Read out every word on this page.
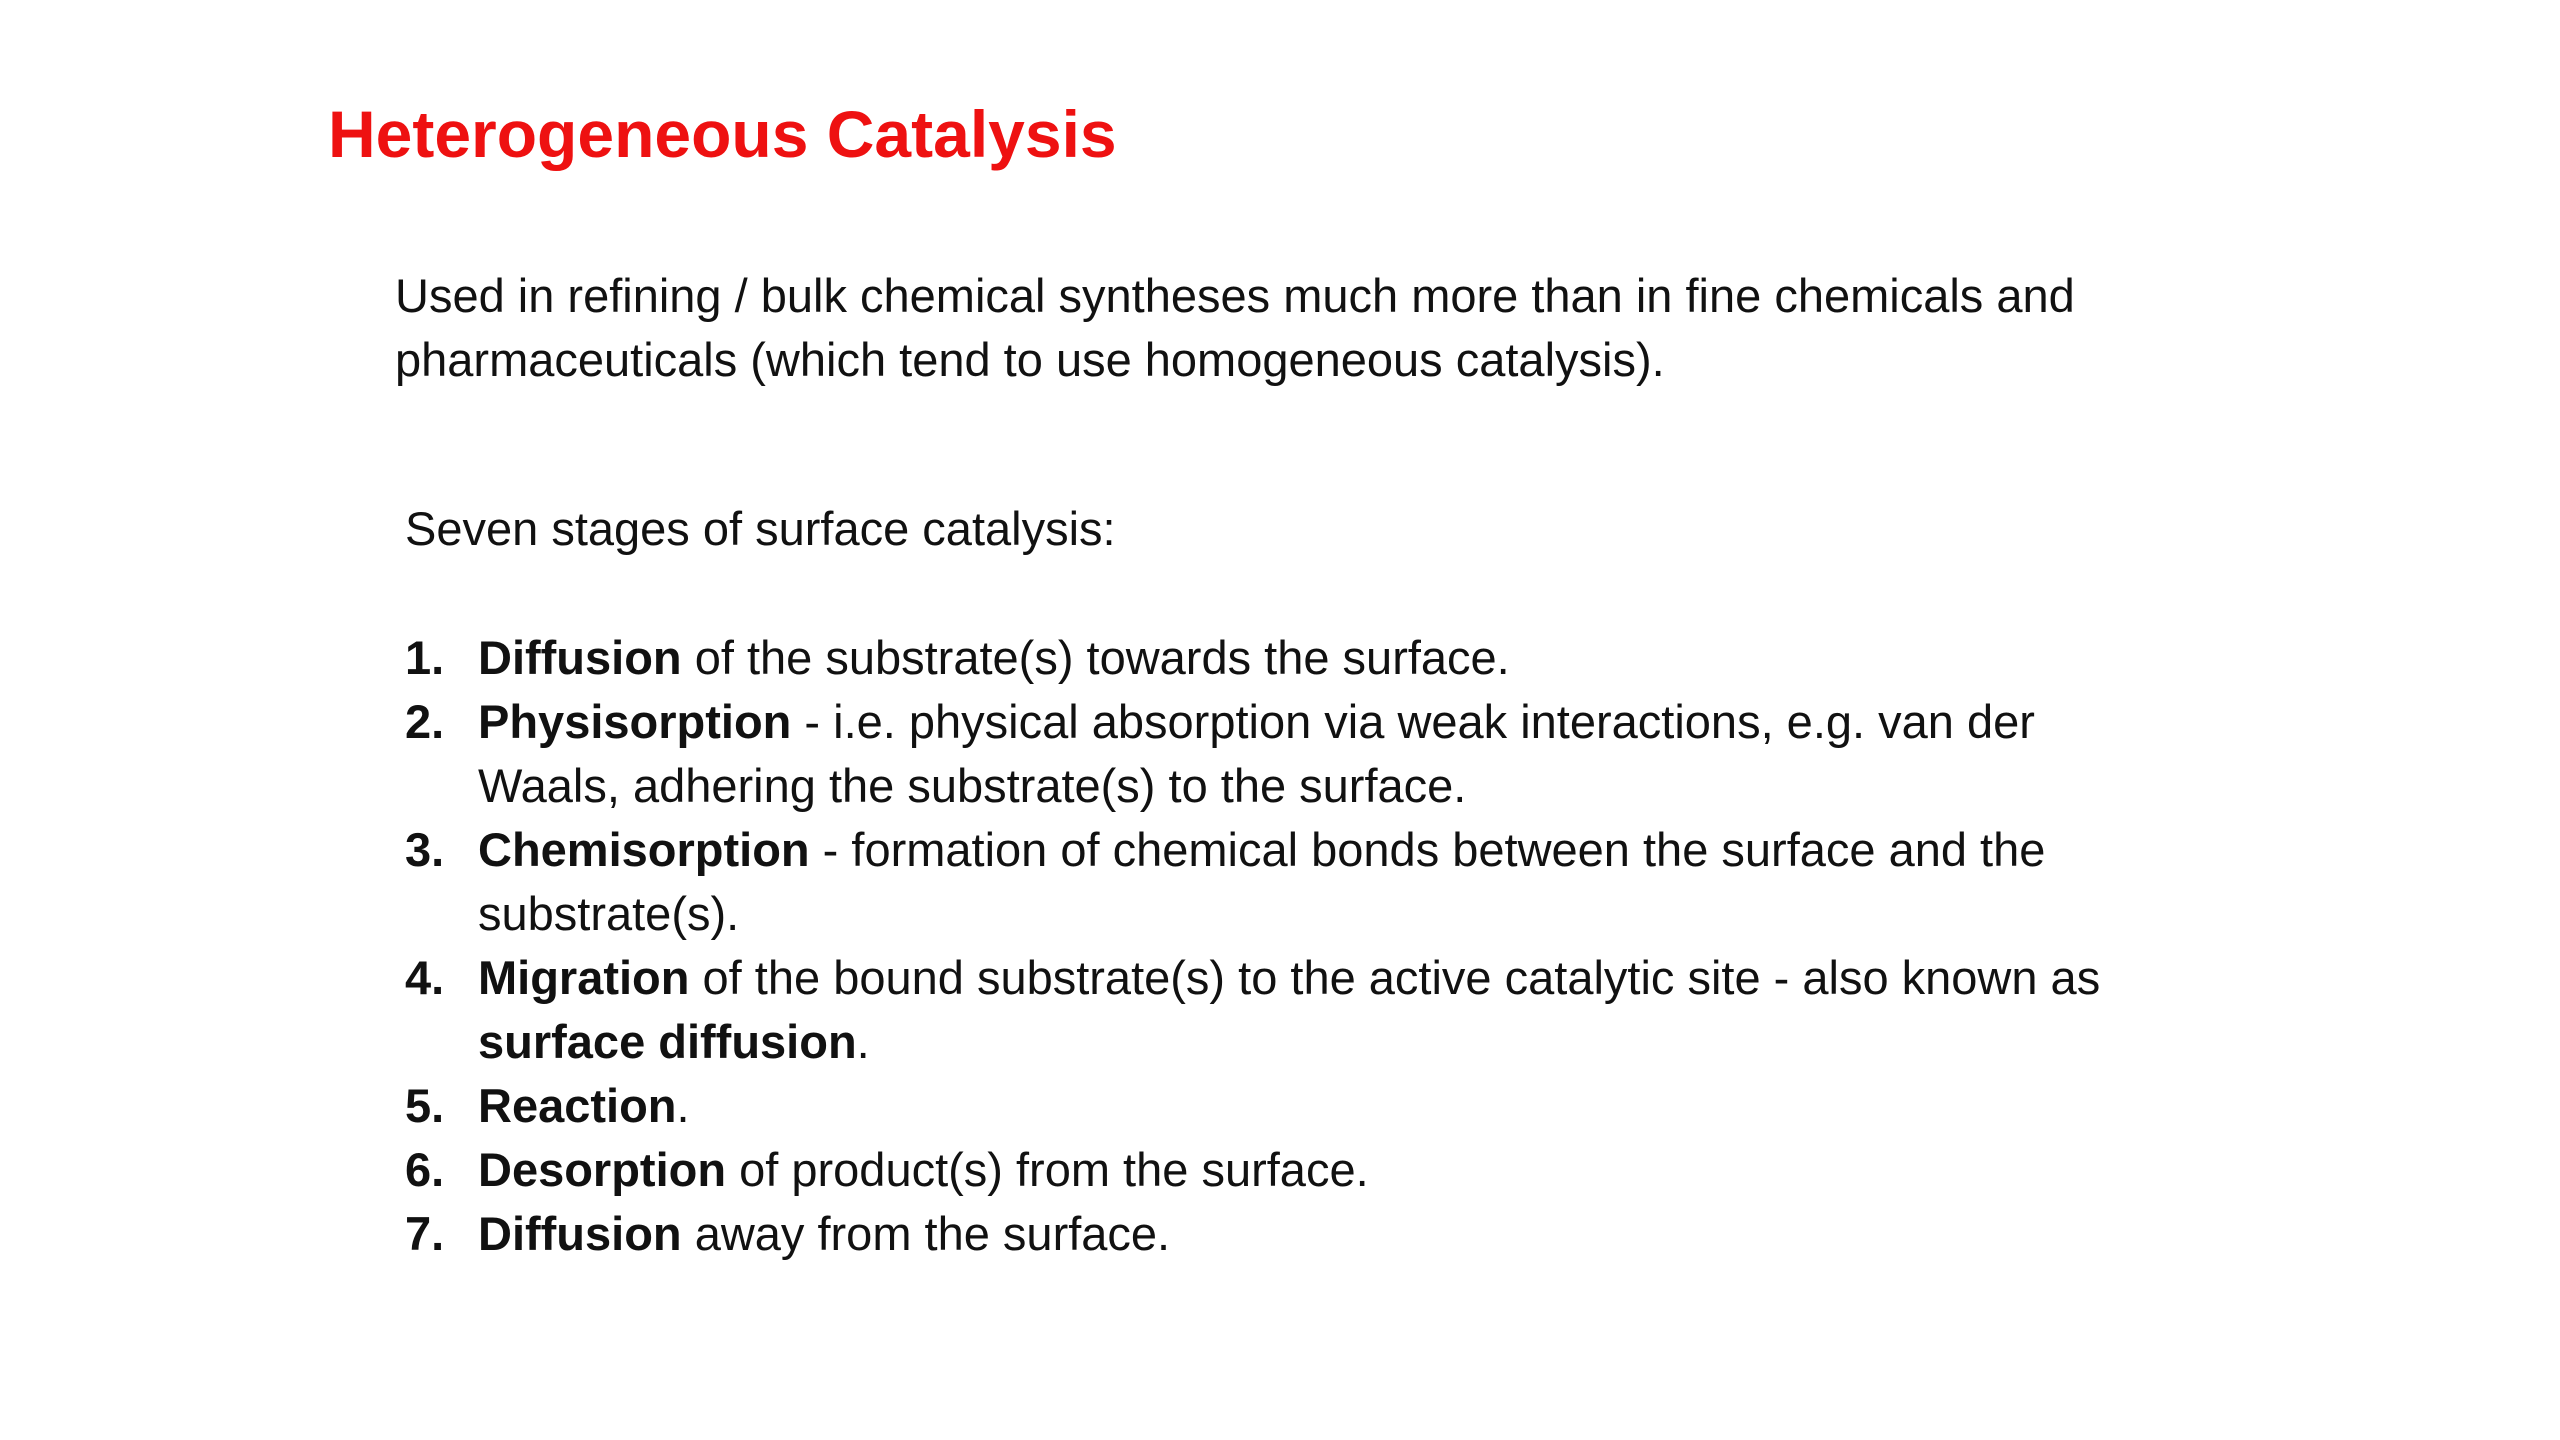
Heterogeneous Catalysis

Used in refining / bulk chemical syntheses much more than in fine chemicals and pharmaceuticals (which tend to use homogeneous catalysis).

Seven stages of surface catalysis:

1. Diffusion of the substrate(s) towards the surface.
2. Physisorption - i.e. physical absorption via weak interactions, e.g. van der Waals, adhering the substrate(s) to the surface.
3. Chemisorption - formation of chemical bonds between the surface and the substrate(s).
4. Migration of the bound substrate(s) to the active catalytic site - also known as surface diffusion.
5. Reaction.
6. Desorption of product(s) from the surface.
7. Diffusion away from the surface.
